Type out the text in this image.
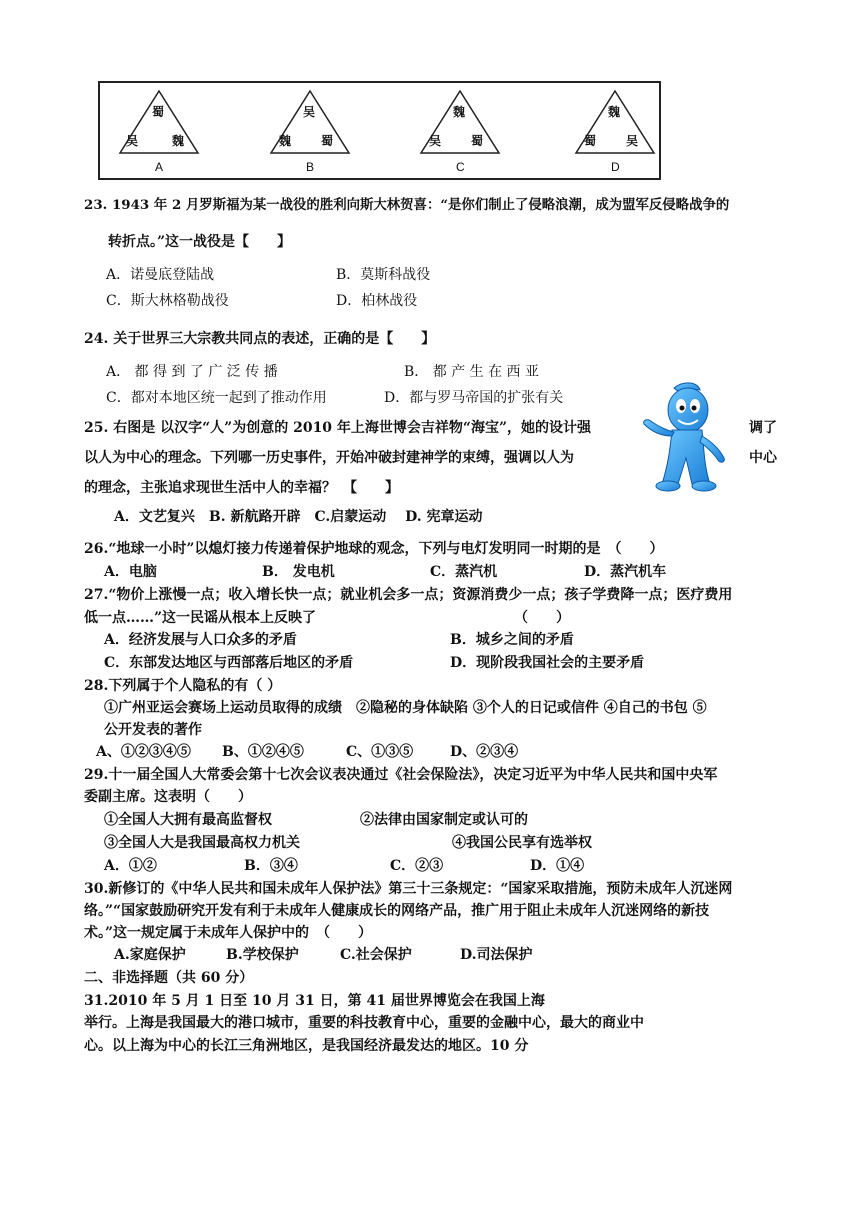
蜀
吴	魏
A
吴
魏 蜀
B
魏
吴 蜀
C
魏
蜀 吴
D
23. 1943 年 2 月罗斯福为某一战役的胜利向斯大林贺喜：“是你们制止了侵略浪潮，成为盟军反侵略战争的
转折点。”这一战役是【　　】
A．诺曼底登陆战	B．莫斯科战役
C．斯大林格勒战役	D．柏林战役
24. 关于世界三大宗教共同点的表述，正确的是【　　】
A． 都 得 到 了 广 泛 传 播	B． 都 产 生 在 西 亚
C．都对本地区统一起到了推动作用	D．都与罗马帝国的扩张有关
25. 右图是 以汉字“人”为创意的 2010 年上海世博会吉祥物“海宝”，她的设计强	调了
以人为中心的理念。下列哪一历史事件，开始冲破封建神学的束缚，强调以人为	中心
的理念，主张追求现世生活中人的幸福？　【　　】
A．文艺复兴　B. 新航路开辟　C.启蒙运动　 D. 宪章运动
26.“地球一小时”以熄灯接力传递着保护地球的观念，下列与电灯发明同一时期的是　（　　）
A．电脑	B． 发电机	C．蒸汽机	D．蒸汽机车
27.“物价上涨慢一点；收入增长快一点；就业机会多一点；资源消费少一点；孩子学费降一点；医疗费用
低一点……”这一民谣从根本上反映了	（　　）
A．经济发展与人口众多的矛盾	B．城乡之间的矛盾
C．东部发达地区与西部落后地区的矛盾	D．现阶段我国社会的主要矛盾
28.下列属于个人隐私的有（ ）
①广州亚运会赛场上运动员取得的成绩　②隐秘的身体缺陷 ③个人的日记或信件 ④自己的书包 ⑤
公开发表的著作
A、①②③④⑤ B、①②④⑤	C、①③⑤	D、②③④
29.十一届全国人大常委会第十七次会议表决通过《社会保险法》，决定习近平为中华人民共和国中央军
委副主席。这表明（　　）
①全国人大拥有最高监督权	②法律由国家制定或认可的
③全国人大是我国最高权力机关	④我国公民享有选举权
A．①②	B．③④	C．②③	D．①④
30.新修订的《中华人民共和国未成年人保护法》第三十三条规定：“国家采取措施，预防未成年人沉迷网
络。”“国家鼓励研究开发有利于未成年人健康成长的网络产品，推广用于阻止未成年人沉迷网络的新技
术。”这一规定属于未成年人保护中的　（　　）
A.家庭保护	B.学校保护	C.社会保护	D.司法保护
二、非选择题（共 60 分）
31.2010 年 5 月 1 日至 10 月 31 日，第 41 届世界博览会在我国上海
举行。上海是我国最大的港口城市，重要的科技教育中心，重要的金融中心，最大的商业中
心。以上海为中心的长江三角洲地区，是我国经济最发达的地区。10 分
